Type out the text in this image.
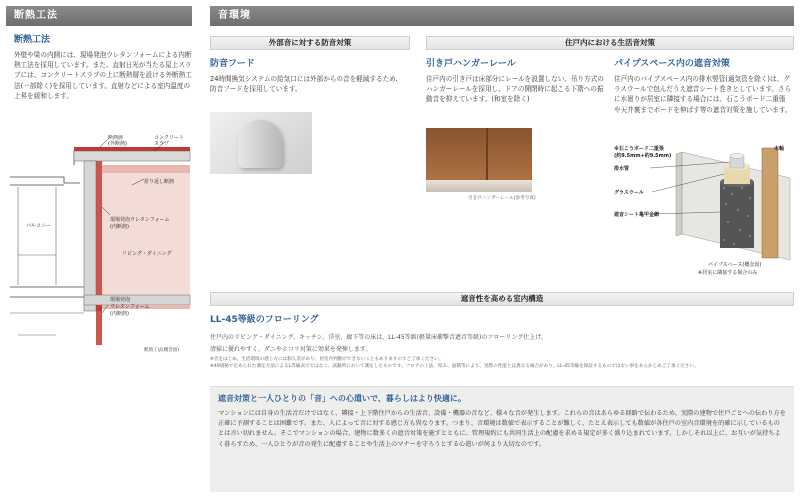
断熱工法
断熱工法
外壁や梁の内側には、現場発泡ウレタンフォームによる内断熱工法を採用しています。また、直射日光が当たる屋上スラブには、コンクリートスラブの上に断熱層を設ける外断熱工法(一部除く)を採用しています。直射などによる室内温度の上昇を緩和します。
断熱層
(外断熱)
コンクリート
スラブ
折り返し断熱
バルコニー
現場発泡ウレタンフォーム
(内断熱)
リビング・ダイニング
現場発泡
ウレタンフォーム
(内断熱)
断熱工法(概念図)
音環境
外部音に対する防音対策	住戸内における生活音対策
防音フード
24時間換気システムの給気口には外部からの音を軽減するため、防音フードを採用しています。
引き戸ハンガーレール
住戸内の引き戸は床部分にレールを設置しない、吊り方式のハンガーレールを採用し、ドアの開閉時に起こる下階への振動音を抑えています。(和室を除く)
引き戸ハンガーレール(参考写真)
パイプスペース内の遮音対策
住戸内のパイプスペース内の排水竪管(通気管を除く)は、グラスウールで包んだうえ遮音シート巻きとしています。さらに水廻りが居室に隣接する場合には、石こうボード二重張や天井裏までボードを伸ばす等の遮音対策を施しています。
※石こうボード二重張
(約9.5mm+約9.5mm)
木軸
排水管
グラスウール
遮音シート亀甲金網
パイプスペース(概念図)
※居室に隣接する場合のみ
遮音性を高める室内構造
LL-45等級のフローリング
住戸内のリビング・ダイニング、キッチン、洋室、廊下等の床は、LL-45等級(軽量床衝撃音遮音等級)のフローリング仕上げ。
清掃に優れやすく、ダニやホコリ対策に効果を発揮します。
※音をはじめ、生活環境の感じ方には個人差があり、居室内判断ができないこともありますのでご了承ください。
※49規格で定められた測定方法によるL等級表示ではなく、試験所において測定したものです。フロアの工法、厚み、面積等により、実際の性能とは異なる場合があり、LL-45等級を保証するものではない事をあらかじめご了承ください。
遮音対策と一人ひとりの「音」への心遣いで、暮らしはより快適に。
マンションには自身の生活音だけではなく、隣接・上下階住戸からの生活音、設備・機器の音など、様々な音が発生します。これらの音はあらゆる経路で伝わるため、実際の建物で住戸ごとへの伝わり方を正確に予測することは困難です。また、人によって音に対する感じ方も異なります。つまり、音環境は数値で表示することが難しく、たとえ表示しても数値が各住戸の室内音環境を的確に示しているものとは言い切れません。そこでマンションの場合、建物に数多くの遮音対策を施すとともに、管理規約にも共同生活上の配慮を求める規定が多く盛り込まれています。しかしそれ以上に、お互いが気持ちよく暮らすため、一人ひとりが音の発生に配慮することや生活上のマナーを守ろうとする心遣いが何より大切なのです。
